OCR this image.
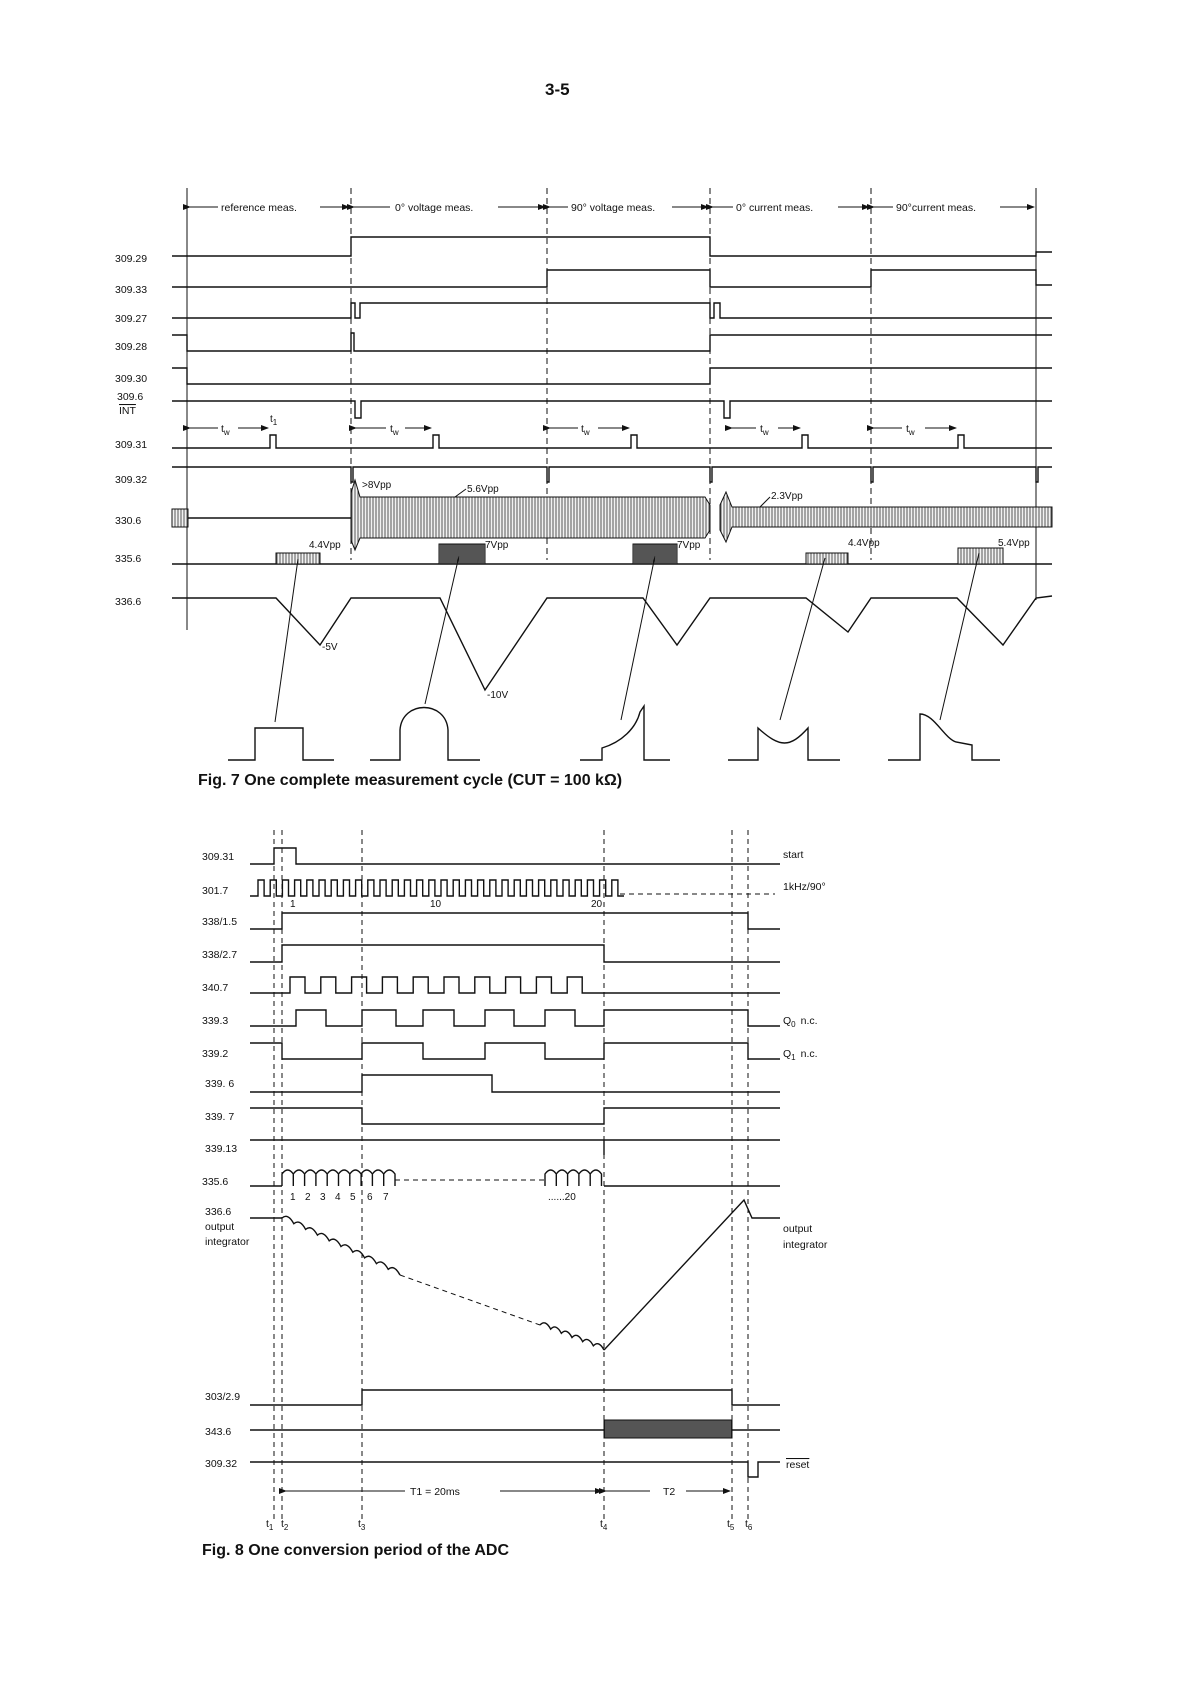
3-5
reference meas.	0° voltage meas.	90° voltage meas.	0° current meas.	90°current meas.
309.29
309.33
309.27
309.28
309.30
309.6
INT
309.31
309.32
330.6
335.6
336.6
$t_w$
$t_1$
$t_w$	$t_w$	$t_w$	$t_w$
>8Vpp	5.6Vpp
2.3Vpp
4.4Vpp	7Vpp	7Vpp	4.4Vpp	5.4Vpp
-5V
-10V
309.31
301.7
338/1.5
338/2.7
340.7
339.3
339.2
339. 6
339. 7
339.13
335.6
336.6
output
integrator
303/2.9
343.6
309.32
start
1kHz/90°
$Q_0$ n.c.
$Q_1$ n.c.
output
integrator
reset
1	10	20
1 2 3 4 5 6 7	......20
T1 = 20ms	T2
$t_1$ $t_2$	$t_3$	$t_4$	$t_5$ $t_6$
Fig. 7 One complete measurement cycle (CUT = 100 kΩ)
Fig. 8 One conversion period of the ADC
